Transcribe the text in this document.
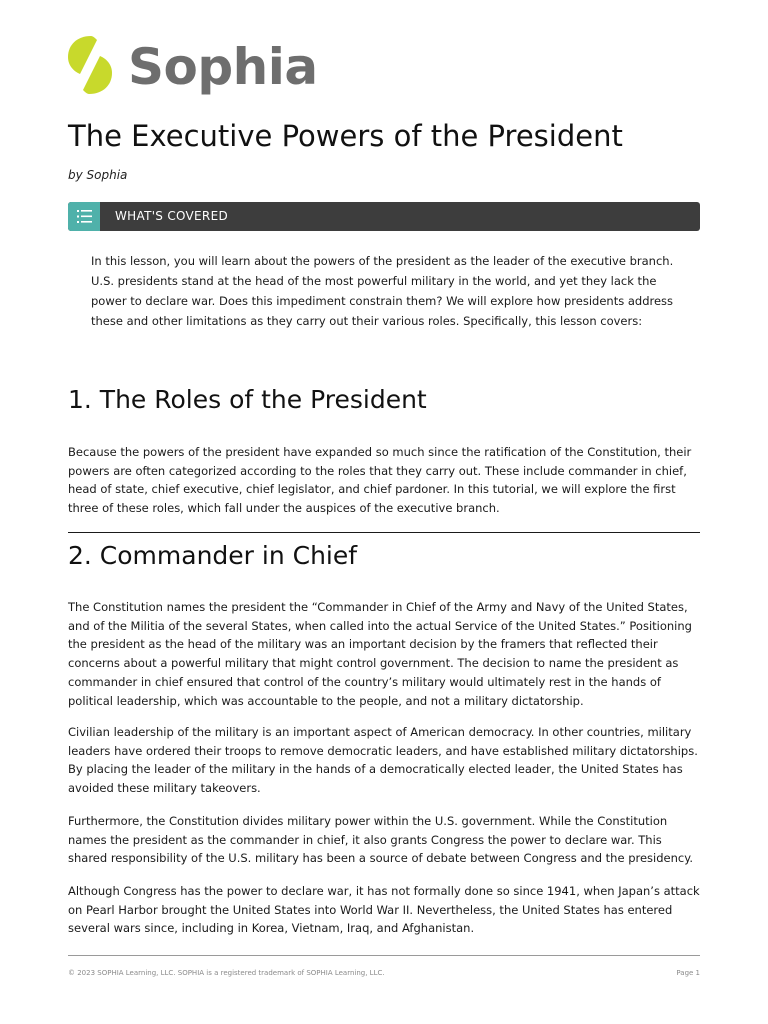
Sophia
The Executive Powers of the President
by Sophia
WHAT'S COVERED

In this lesson, you will learn about the powers of the president as the leader of the executive branch. U.S. presidents stand at the head of the most powerful military in the world, and yet they lack the power to declare war. Does this impediment constrain them? We will explore how presidents address these and other limitations as they carry out their various roles. Specifically, this lesson covers:

1. The Roles of the President

Because the powers of the president have expanded so much since the ratification of the Constitution, their powers are often categorized according to the roles that they carry out. These include commander in chief, head of state, chief executive, chief legislator, and chief pardoner. In this tutorial, we will explore the first three of these roles, which fall under the auspices of the executive branch.

2. Commander in Chief

The Constitution names the president the “Commander in Chief of the Army and Navy of the United States, and of the Militia of the several States, when called into the actual Service of the United States.” Positioning the president as the head of the military was an important decision by the framers that reflected their concerns about a powerful military that might control government. The decision to name the president as commander in chief ensured that control of the country’s military would ultimately rest in the hands of political leadership, which was accountable to the people, and not a military dictatorship.

Civilian leadership of the military is an important aspect of American democracy. In other countries, military leaders have ordered their troops to remove democratic leaders, and have established military dictatorships. By placing the leader of the military in the hands of a democratically elected leader, the United States has avoided these military takeovers.

Furthermore, the Constitution divides military power within the U.S. government. While the Constitution names the president as the commander in chief, it also grants Congress the power to declare war. This shared responsibility of the U.S. military has been a source of debate between Congress and the presidency.

Although Congress has the power to declare war, it has not formally done so since 1941, when Japan’s attack on Pearl Harbor brought the United States into World War II. Nevertheless, the United States has entered several wars since, including in Korea, Vietnam, Iraq, and Afghanistan.

© 2023 SOPHIA Learning, LLC. SOPHIA is a registered trademark of SOPHIA Learning, LLC.	Page 1
